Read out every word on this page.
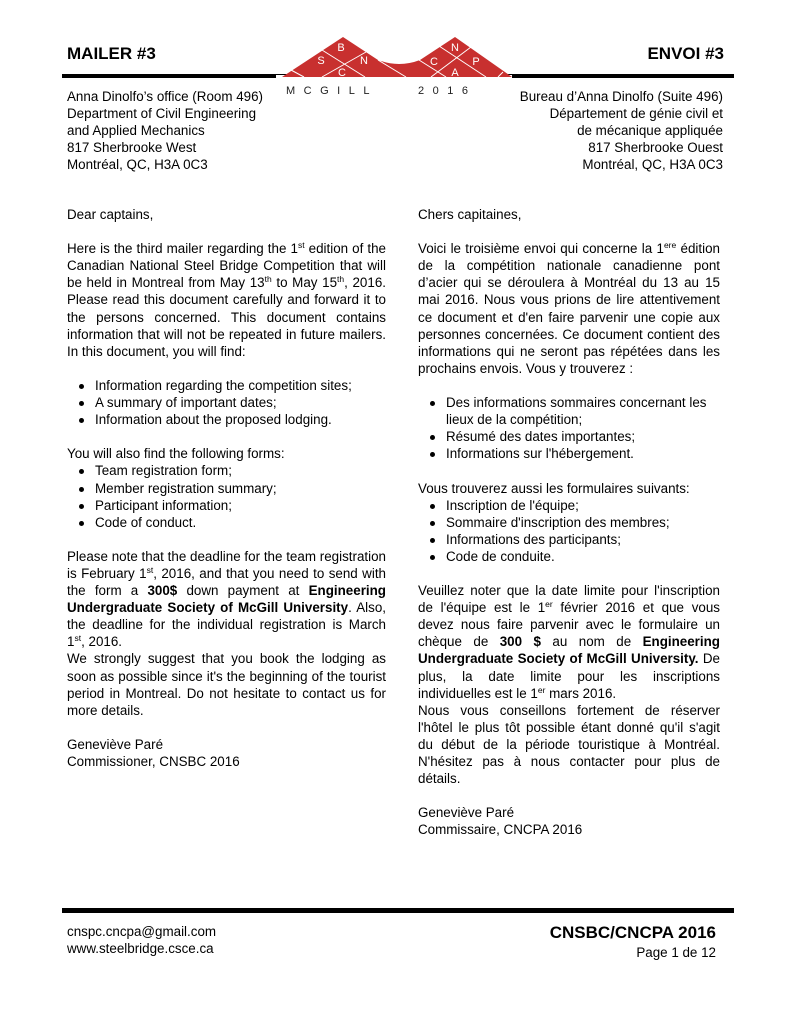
MAILER #3	ENVOI #3
B
S	N
C
N
C	P
A
MCGILL	2016
Anna Dinolfo’s office (Room 496)
Department of Civil Engineering
and Applied Mechanics
817 Sherbrooke West
Montréal, QC, H3A 0C3
Bureau d’Anna Dinolfo (Suite 496)
Département de génie civil et
de mécanique appliquée
817 Sherbrooke Ouest
Montréal, QC, H3A 0C3

Dear captains,

Here is the third mailer regarding the 1st edition of the Canadian National Steel Bridge Competition that will be held in Montreal from May 13th to May 15th, 2016. Please read this document carefully and forward it to the persons concerned. This document contains information that will not be repeated in future mailers. In this document, you will find:

Information regarding the competition sites;
A summary of important dates;
Information about the proposed lodging.

You will also find the following forms:

Team registration form;
Member registration summary;
Participant information;
Code of conduct.

Please note that the deadline for the team registration is February 1st, 2016, and that you need to send with the form a 300$ down payment at Engineering Undergraduate Society of McGill University. Also, the deadline for the individual registration is March 1st, 2016.

We strongly suggest that you book the lodging as soon as possible since it's the beginning of the tourist period in Montreal. Do not hesitate to contact us for more details.

Geneviève Paré

Commissioner, CNSBC 2016

Chers capitaines,

Voici le troisième envoi qui concerne la 1ere édition de la compétition nationale canadienne pont d’acier qui se déroulera à Montréal du 13 au 15 mai 2016. Nous vous prions de lire attentivement ce document et d'en faire parvenir une copie aux personnes concernées. Ce document contient des informations qui ne seront pas répétées dans les prochains envois. Vous y trouverez :

Des informations sommaires concernant les lieux de la compétition;
Résumé des dates importantes;
Informations sur l'hébergement.

Vous trouverez aussi les formulaires suivants:

Inscription de l'équipe;
Sommaire d'inscription des membres;
Informations des participants;
Code de conduite.

Veuillez noter que la date limite pour l'inscription de l'équipe est le 1er février 2016 et que vous devez nous faire parvenir avec le formulaire un chèque de 300 $ au nom de Engineering Undergraduate Society of McGill University. De plus, la date limite pour les inscriptions individuelles est le 1er mars 2016.

Nous vous conseillons fortement de réserver l'hôtel le plus tôt possible étant donné qu'il s'agit du début de la période touristique à Montréal. N'hésitez pas à nous contacter pour plus de détails.

Geneviève Paré

Commissaire, CNCPA 2016

cnspc.cncpa@gmail.com
www.steelbridge.csce.ca
CNSBC/CNCPA 2016
Page 1 de 12
